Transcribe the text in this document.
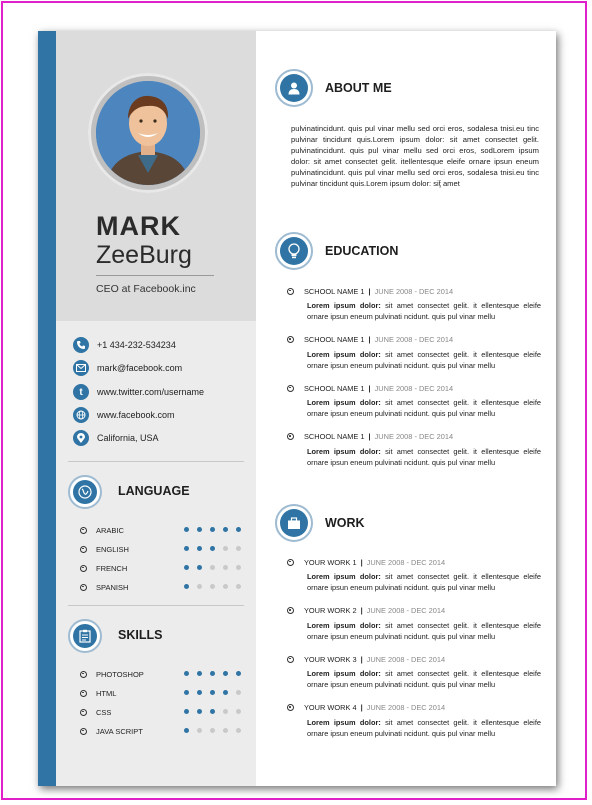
MARK
ZeeBurg
CEO at Facebook.inc
+1 434-232-534234
mark@facebook.com
t www.twitter.com/username
www.facebook.com
California, USA
LANGUAGE
ARABIC
ENGLISH
FRENCH
SPANISH
SKILLS
PHOTOSHOP
HTML
CSS
JAVA SCRIPT
ABOUT ME
pulvinatincidunt. quis pul vinar mellu sed orci eros, sodalesa tnisi.eu tinc pulvinar tincidunt quis.Lorem ipsum dolor: sit amet consectet gelit. pulvinatincidunt. quis pul vinar mellu sed orci eros, sodLorem ipsum dolor: sit amet consectet gelit. itellentesque eleife ornare ipsun eneum pulvinatincidunt. quis pul vinar mellu sed orci eros, sodalesa tnisi.eu tinc pulvinar tincidunt quis.Lorem ipsum dolor: siţ̄ amet
EDUCATION
SCHOOL NAME 1 | JUNE 2008 - DEC 2014
Lorem ipsum dolor: sit amet consectet gelit. it ellentesque eleife ornare ipsun eneum pulvinati ncidunt. quis pul vinar mellu
SCHOOL NAME 1 | JUNE 2008 - DEC 2014
Lorem ipsum dolor: sit amet consectet gelit. it ellentesque eleife ornare ipsun eneum pulvinati ncidunt. quis pul vinar mellu
SCHOOL NAME 1 | JUNE 2008 - DEC 2014
Lorem ipsum dolor: sit amet consectet gelit. it ellentesque eleife ornare ipsun eneum pulvinati ncidunt. quis pul vinar mellu
SCHOOL NAME 1 | JUNE 2008 - DEC 2014
Lorem ipsum dolor: sit amet consectet gelit. it ellentesque eleife ornare ipsun eneum pulvinati ncidunt. quis pul vinar mellu
WORK
YOUR WORK 1 | JUNE 2008 - DEC 2014
Lorem ipsum dolor: sit amet consectet gelit. it ellentesque eleife ornare ipsun eneum pulvinati ncidunt. quis pul vinar mellu
YOUR WORK 2 | JUNE 2008 - DEC 2014
Lorem ipsum dolor: sit amet consectet gelit. it ellentesque eleife ornare ipsun eneum pulvinati ncidunt. quis pul vinar mellu
YOUR WORK 3 | JUNE 2008 - DEC 2014
Lorem ipsum dolor: sit amet consectet gelit. it ellentesque eleife ornare ipsun eneum pulvinati ncidunt. quis pul vinar mellu
YOUR WORK 4 | JUNE 2008 - DEC 2014
Lorem ipsum dolor: sit amet consectet gelit. it ellentesque eleife ornare ipsun eneum pulvinati ncidunt. quis pul vinar mellu
